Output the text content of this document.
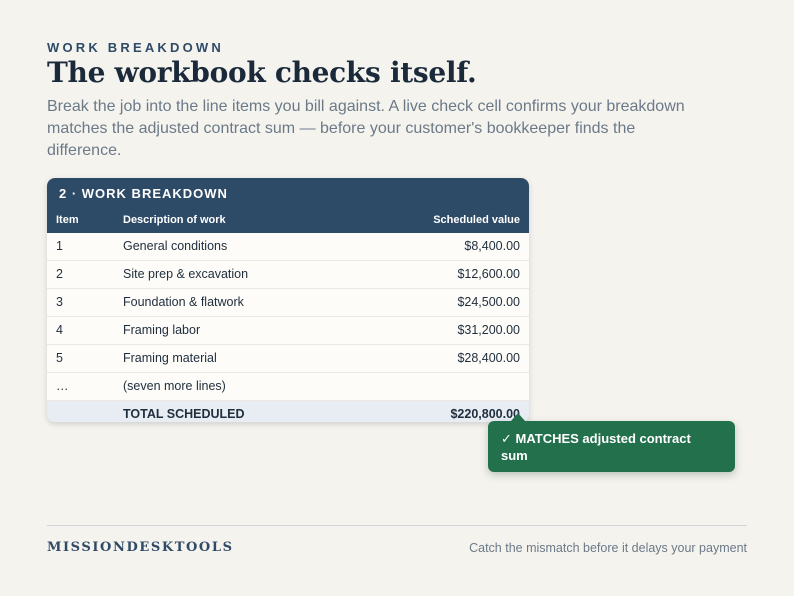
WORK BREAKDOWN
The workbook checks itself.

Break the job into the line items you bill against. A live check cell confirms your breakdown matches the adjusted contract sum — before your customer's bookkeeper finds the difference.

2 · WORK BREAKDOWN
Item	Description of work	Scheduled value
1	General conditions	$8,400.00
2	Site prep & excavation	$12,600.00
3	Foundation & flatwork	$24,500.00
4	Framing labor	$31,200.00
5	Framing material	$28,400.00
…	(seven more lines)
TOTAL SCHEDULED	$220,800.00
✓ MATCHES adjusted contract sum
MISSIONDESKTOOLS	Catch the mismatch before it delays your payment
